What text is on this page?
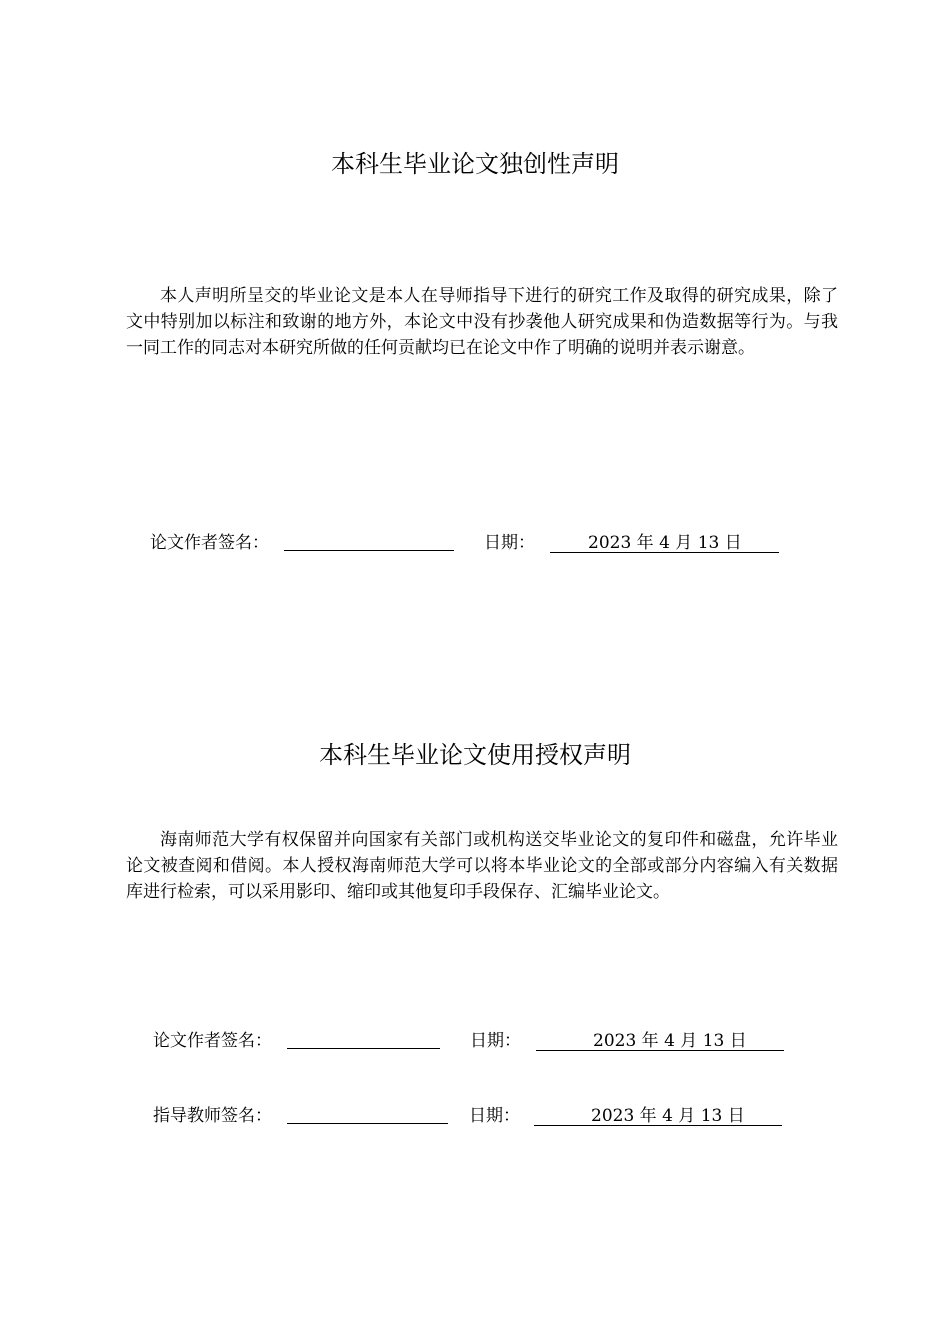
本科生毕业论文独创性声明

本人声明所呈交的毕业论文是本人在导师指导下进行的研究工作及取得的研究成果，除了文中特别加以标注和致谢的地方外，本论文中没有抄袭他人研究成果和伪造数据等行为。与我一同工作的同志对本研究所做的任何贡献均已在论文中作了明确的说明并表示谢意。

论文作者签名：	日期：	2023 年 4 月 13 日
本科生毕业论文使用授权声明

海南师范大学有权保留并向国家有关部门或机构送交毕业论文的复印件和磁盘，允许毕业论文被查阅和借阅。本人授权海南师范大学可以将本毕业论文的全部或部分内容编入有关数据库进行检索，可以采用影印、缩印或其他复印手段保存、汇编毕业论文。

论文作者签名：	日期：	2023 年 4 月 13 日
指导教师签名：	日期：	2023 年 4 月 13 日
